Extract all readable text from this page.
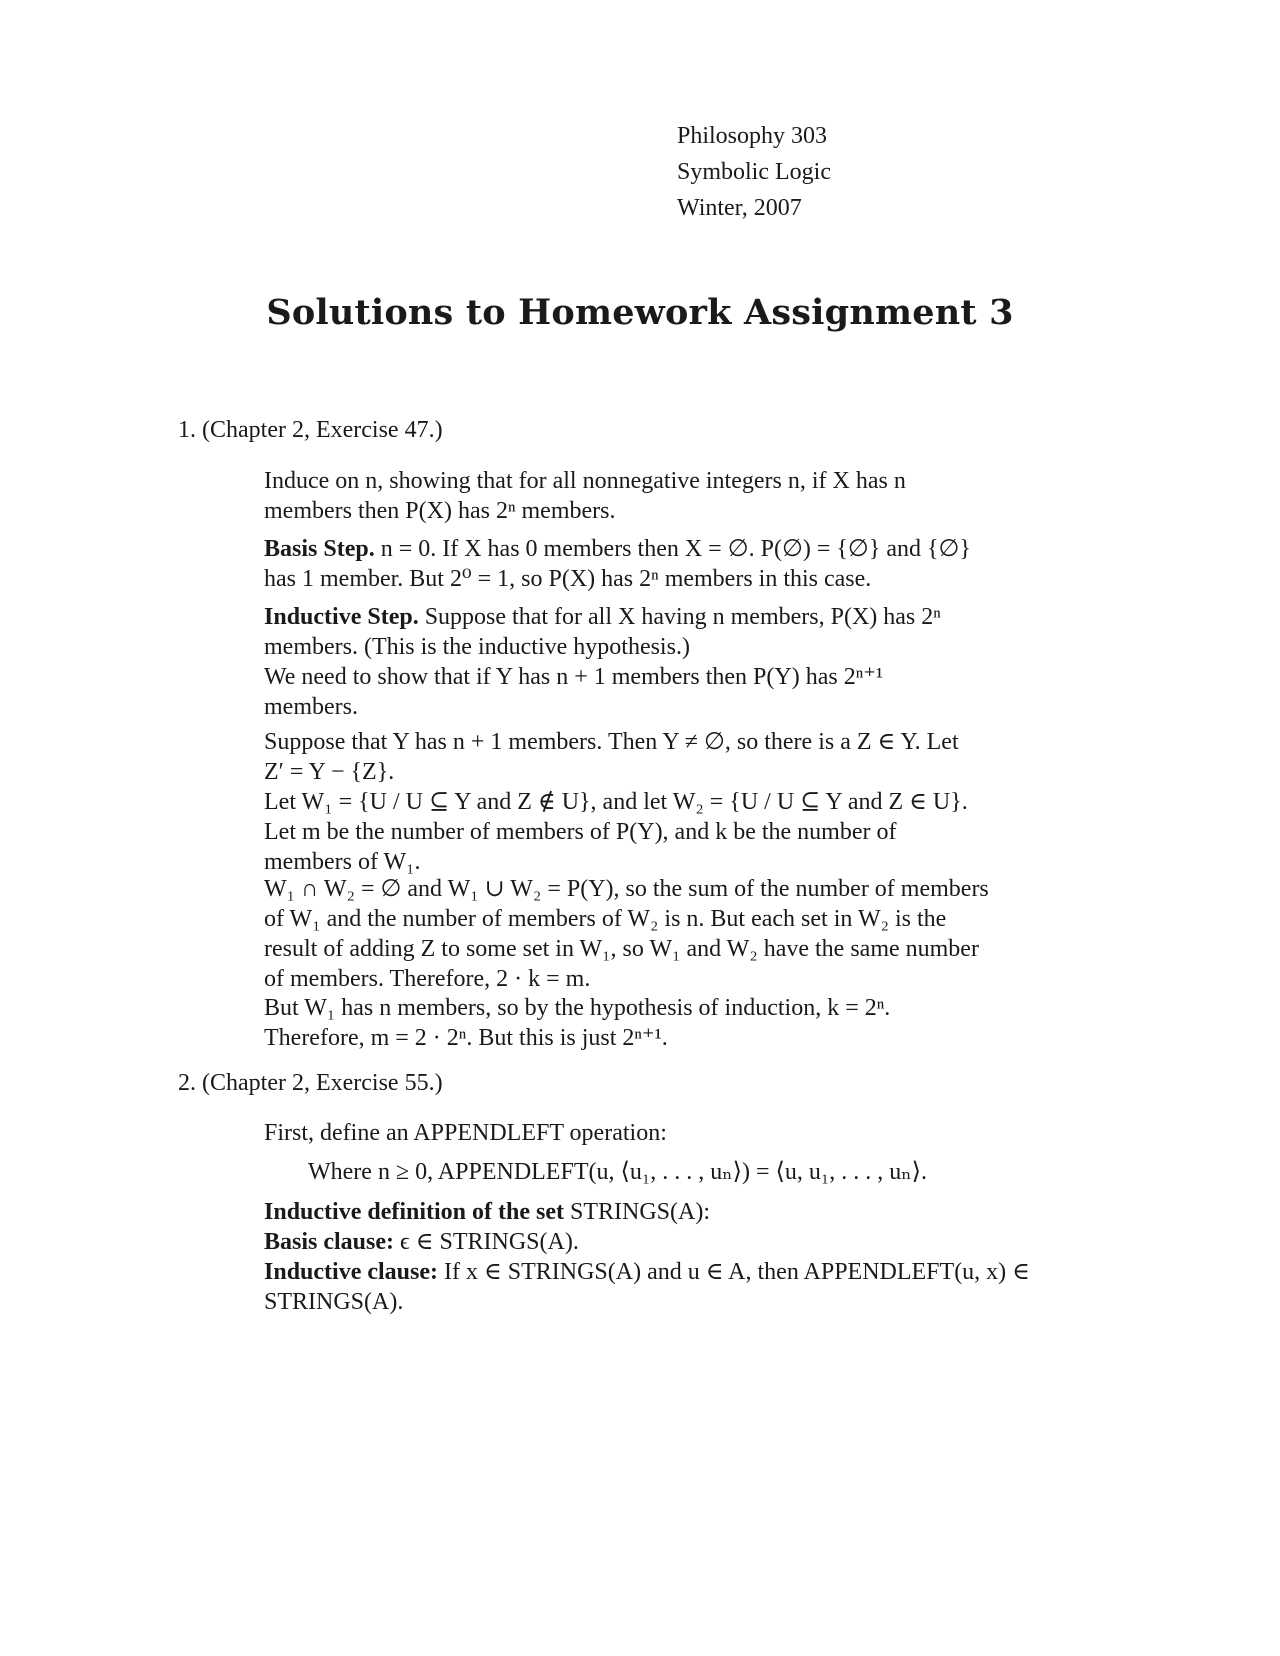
Philosophy 303
Symbolic Logic
Winter, 2007
Solutions to Homework Assignment 3
1. (Chapter 2, Exercise 47.)
Induce on n, showing that for all nonnegative integers n, if X has n
members then P(X) has 2ⁿ members.
Basis Step. n = 0. If X has 0 members then X = ∅. P(∅) = {∅} and {∅}
has 1 member. But 2⁰ = 1, so P(X) has 2ⁿ members in this case.
Inductive Step. Suppose that for all X having n members, P(X) has 2ⁿ
members. (This is the inductive hypothesis.)
We need to show that if Y has n + 1 members then P(Y) has 2ⁿ⁺¹
members.
Suppose that Y has n + 1 members. Then Y ≠ ∅, so there is a Z ∈ Y. Let
Z′ = Y − {Z}.
Let W₁ = {U / U ⊆ Y and Z ∉ U}, and let W₂ = {U / U ⊆ Y and Z ∈ U}.
Let m be the number of members of P(Y), and k be the number of
members of W₁.
W₁ ∩ W₂ = ∅ and W₁ ∪ W₂ = P(Y), so the sum of the number of members
of W₁ and the number of members of W₂ is n. But each set in W₂ is the
result of adding Z to some set in W₁, so W₁ and W₂ have the same number
of members. Therefore, 2 · k = m.
But W₁ has n members, so by the hypothesis of induction, k = 2ⁿ.
Therefore, m = 2 · 2ⁿ. But this is just 2ⁿ⁺¹.
2. (Chapter 2, Exercise 55.)
First, define an APPENDLEFT operation:
Where n ≥ 0, APPENDLEFT(u, ⟨u₁, . . . , uₙ⟩) = ⟨u, u₁, . . . , uₙ⟩.
Inductive definition of the set STRINGS(A):
Basis clause: ϵ ∈ STRINGS(A).
Inductive clause: If x ∈ STRINGS(A) and u ∈ A, then APPENDLEFT(u, x) ∈
STRINGS(A).
